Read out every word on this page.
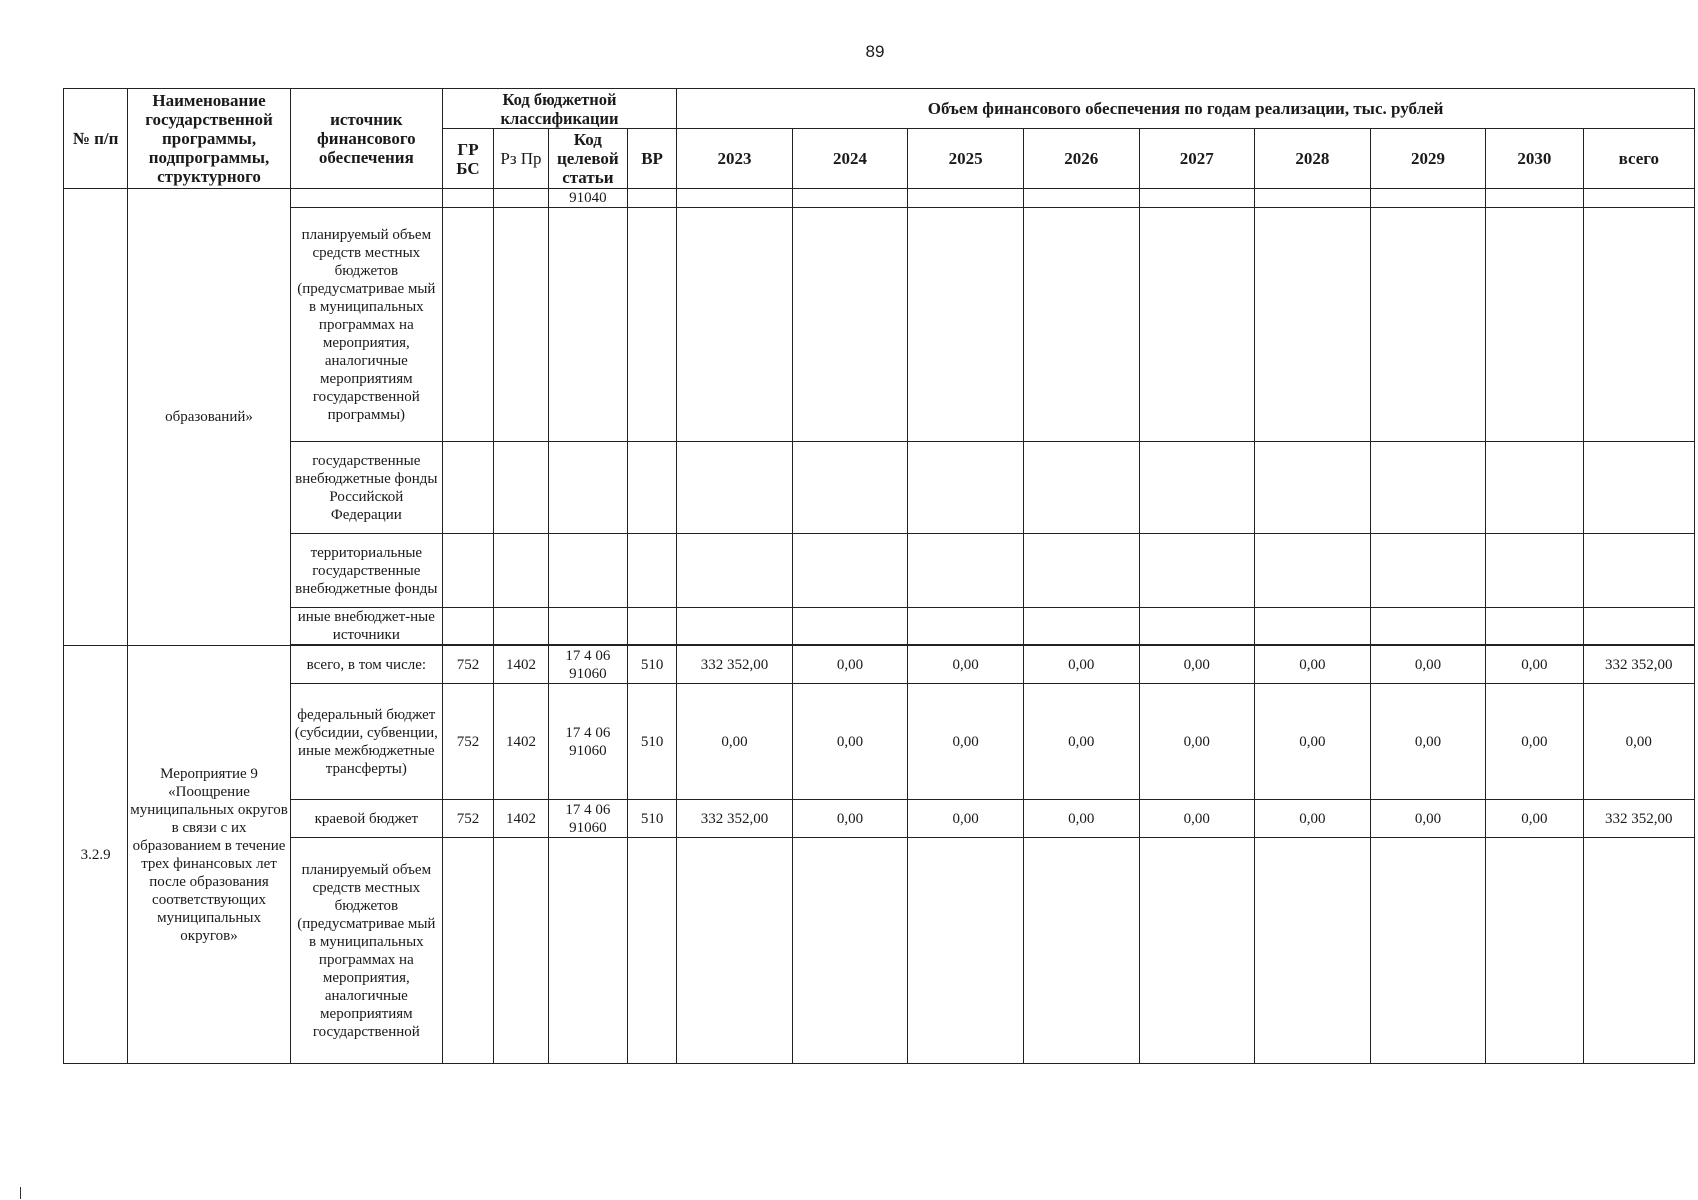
89
№ п/п	Наименование государственной программы, подпрограммы, структурного	источник финансового обеспечения	Код бюджетной классификации				Объем финансового обеспечения по годам реализации, тыс. рублей								
			ГР БС	Рз Пр	Код целевой статьи	ВР	2023	2024	2025	2026	2027	2028	2029	2030	всего
	образований»				91040										
		планируемый объем средств местных бюджетов (предусматривае мый в муниципальных программах на мероприятия, аналогичные мероприятиям государственной программы)													
		государственные внебюджетные фонды Российской Федерации													
		территориальные государственные внебюджетные фонды													
		иные внебюджет-ные источники													

3.2.9	Мероприятие 9 «Поощрение муниципальных округов в связи с их образованием в течение трех финансовых лет после образования соответствующих муниципальных округов»	всего, в том числе:	752	1402	17 4 06 91060	510	332 352,00	0,00	0,00	0,00	0,00	0,00	0,00	0,00	332 352,00
		федеральный бюджет (субсидии, субвенции, иные межбюджетные трансферты)	752	1402	17 4 06 91060	510	0,00	0,00	0,00	0,00	0,00	0,00	0,00	0,00	0,00
		краевой бюджет	752	1402	17 4 06 91060	510	332 352,00	0,00	0,00	0,00	0,00	0,00	0,00	0,00	332 352,00
		планируемый объем средств местных бюджетов (предусматривае мый в муниципальных программах на мероприятия, аналогичные мероприятиям государственной													
